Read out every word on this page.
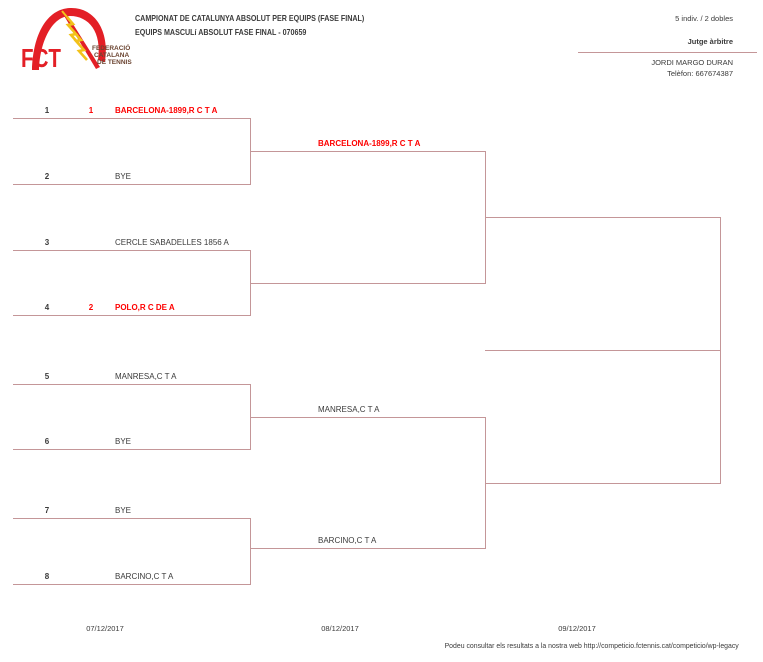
FCT	FEDERACIÓ
CATALANA
DE TENNIS
CAMPIONAT DE CATALUNYA ABSOLUT PER EQUIPS (FASE FINAL)
EQUIPS MASCULí ABSOLUT FASE FINAL - 070659
5 indiv. / 2 dobles
Jutge àrbitre
JORDI MARGO DURAN
Telèfon: 667674387
1	1	BARCELONA-1899,R C T A
2	BYE
3	CERCLE SABADELLES 1856 A
4	2	POLO,R C DE A
5	MANRESA,C T A
6	BYE
7	BYE
8	BARCINO,C T A
BARCELONA-1899,R C T A
MANRESA,C T A
BARCINO,C T A
07/12/2017	08/12/2017	09/12/2017
Podeu consultar els resultats a la nostra web http://competicio.fctennis.cat/competicio/wp-legacy
